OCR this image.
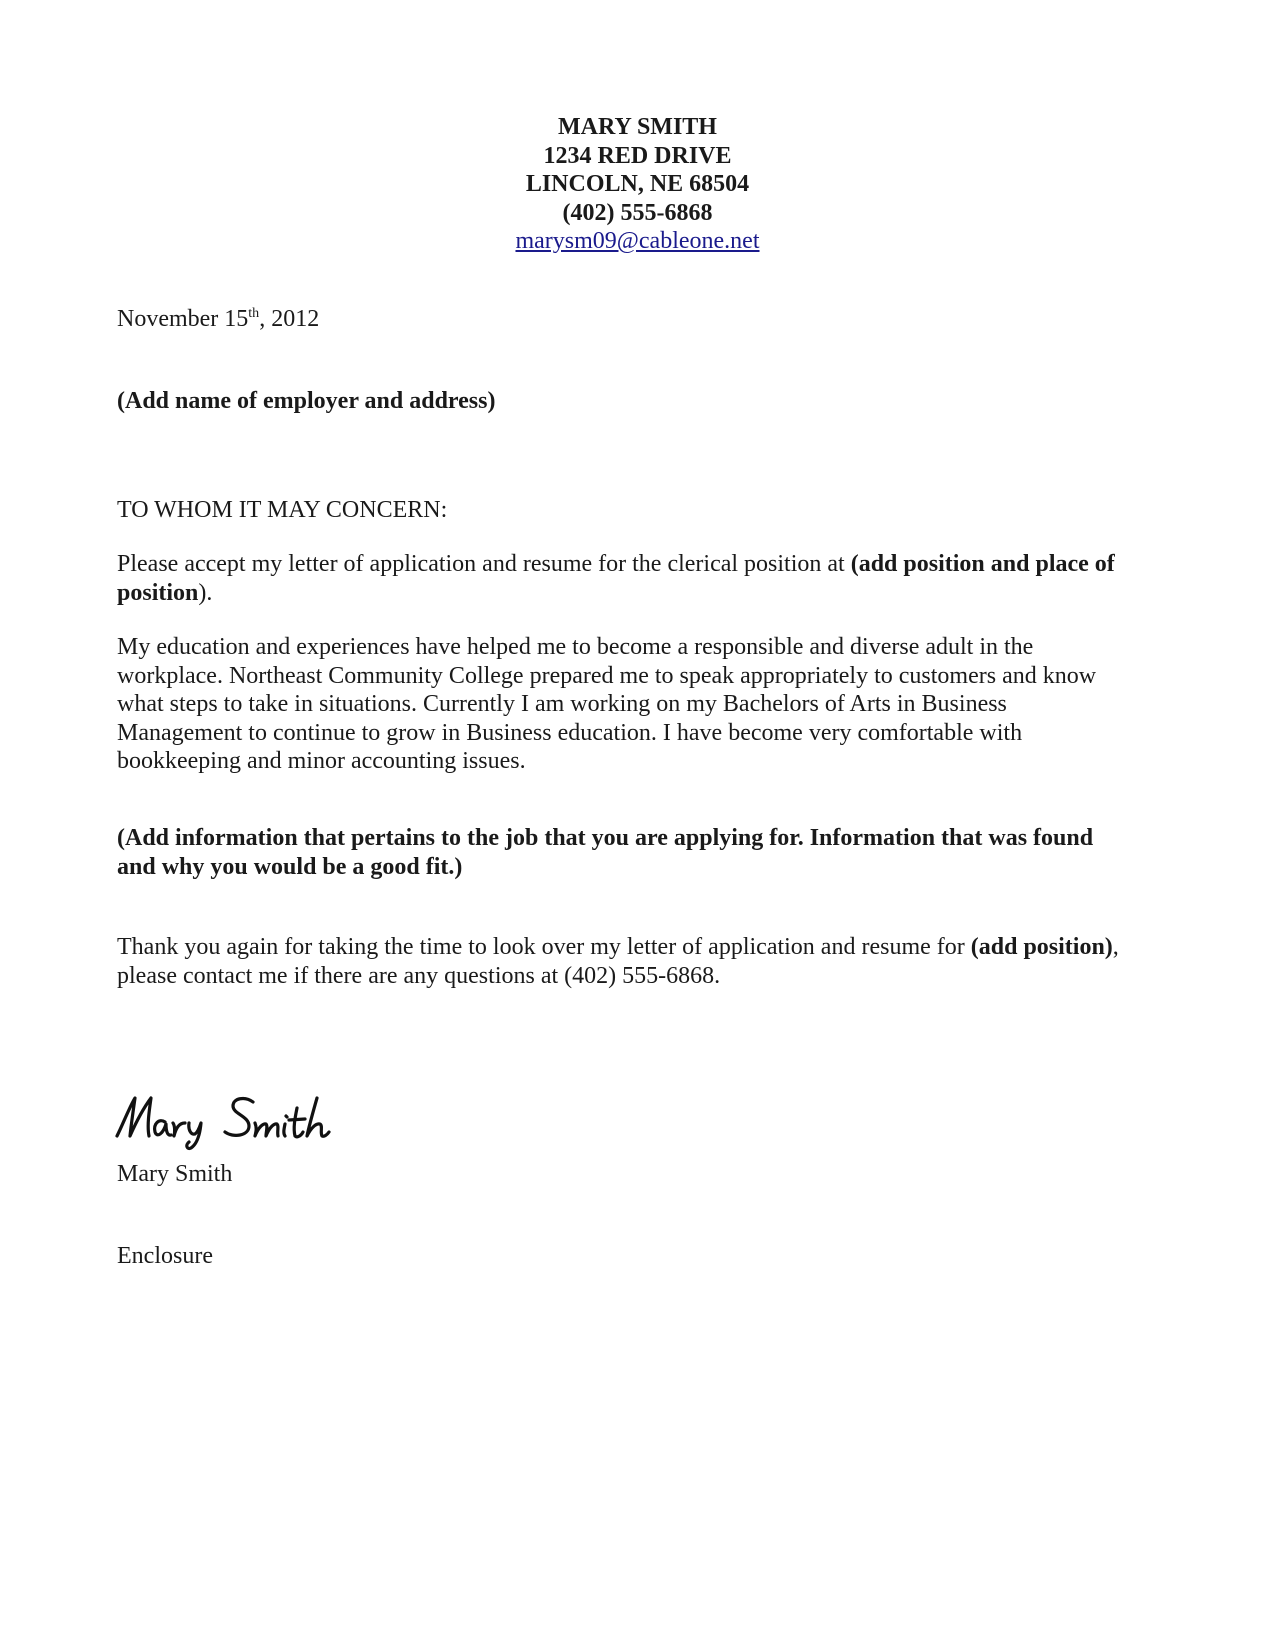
MARY SMITH
1234 RED DRIVE
LINCOLN, NE 68504
(402) 555-6868
marysm09@cableone.net
November 15th, 2012
(Add name of employer and address)
TO WHOM IT MAY CONCERN:

Please accept my letter of application and resume for the clerical position at (add position and place of position).

My education and experiences have helped me to become a responsible and diverse adult in the
workplace. Northeast Community College prepared me to speak appropriately to customers and know
what steps to take in situations. Currently I am working on my Bachelors of Arts in Business
Management to continue to grow in Business education. I have become very comfortable with
bookkeeping and minor accounting issues.
(Add information that pertains to the job that you are applying for. Information that was found
and why you would be a good fit.)

Thank you again for taking the time to look over my letter of application and resume for (add position), please contact me if there are any questions at (402) 555-6868.

Mary Smith
Enclosure
